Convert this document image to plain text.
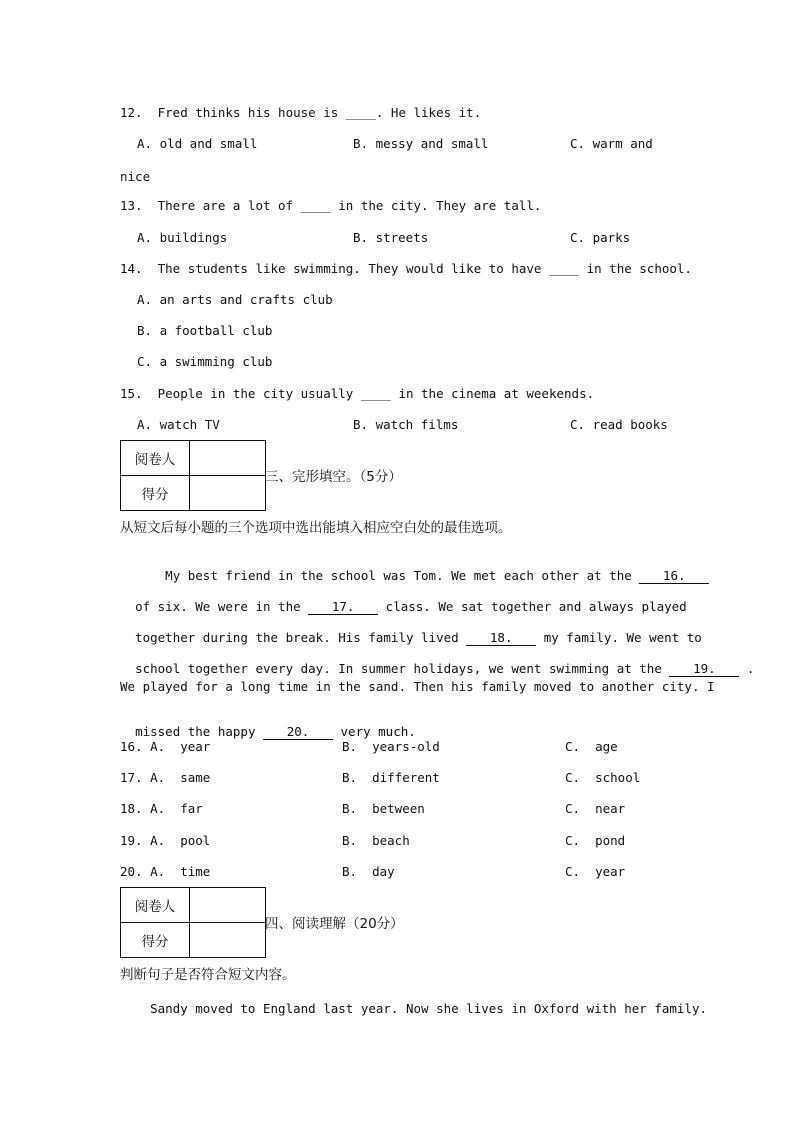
12.  Fred thinks his house is ____. He likes it.
A. old and small	B. messy and small	C. warm and
nice
13.  There are a lot of ____ in the city. They are tall.
A. buildings	B. streets	C. parks
14.  The students like swimming. They would like to have ____ in the school.
A. an arts and crafts club
B. a football club
C. a swimming club
15.  People in the city usually ____ in the cinema at weekends.
A. watch TV	B. watch films	C. read books
阅卷人	
得分	
三、完形填空。（5分）
从短文后每小题的三个选项中选出能填入相应空白处的最佳选项。

My best friend in the school was Tom. We met each other at the 16.

of six. We were in the 17. class. We sat together and always played

together during the break. His family lived 18. my family. We went to

school together every day. In summer holidays, we went swimming at the 19. .

We played for a long time in the sand. Then his family moved to another city. I

missed the happy 20. very much.

16. A.  year	B.  years-old	C.  age
17. A.  same	B.  different	C.  school
18. A.  far	B.  between	C.  near
19. A.  pool	B.  beach	C.  pond
20. A.  time	B.  day	C.  year
阅卷人	
得分	
四、阅读理解（20分）
判断句子是否符合短文内容。
Sandy moved to England last year. Now she lives in Oxford with her family.
